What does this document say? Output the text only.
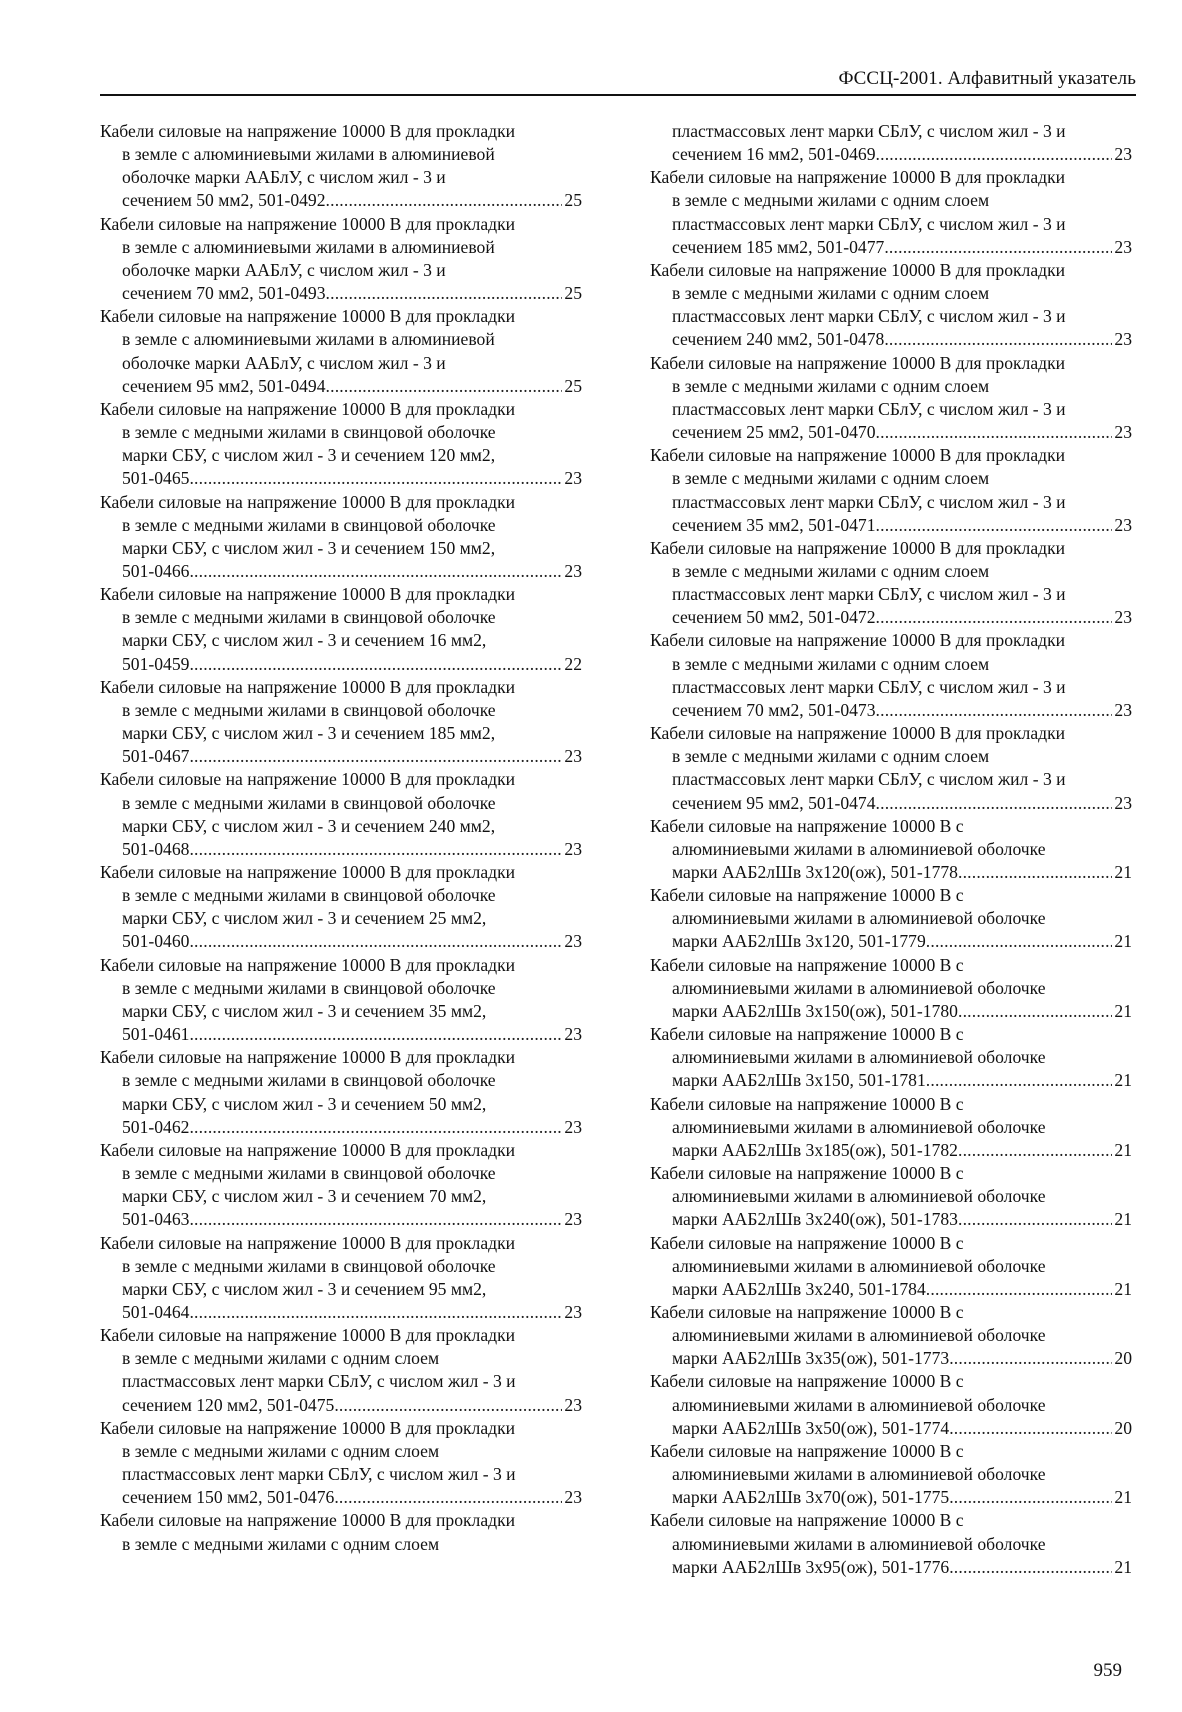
ФССЦ-2001. Алфавитный указатель
Кабели силовые на напряжение 10000 В для прокладки
в земле с алюминиевыми жилами в алюминиевой
оболочке марки ААБлУ, с числом жил - 3 и
сечением 50 мм2, 501-0492 .....	25
Кабели силовые на напряжение 10000 В для прокладки
в земле с алюминиевыми жилами в алюминиевой
оболочке марки ААБлУ, с числом жил - 3 и
сечением 70 мм2, 501-0493 .....	25
Кабели силовые на напряжение 10000 В для прокладки
в земле с алюминиевыми жилами в алюминиевой
оболочке марки ААБлУ, с числом жил - 3 и
сечением 95 мм2, 501-0494 .....	25
Кабели силовые на напряжение 10000 В для прокладки
в земле с медными жилами в свинцовой оболочке
марки СБУ, с числом жил - 3 и сечением 120 мм2,
501-0465 .....	23
Кабели силовые на напряжение 10000 В для прокладки
в земле с медными жилами в свинцовой оболочке
марки СБУ, с числом жил - 3 и сечением 150 мм2,
501-0466 .....	23
Кабели силовые на напряжение 10000 В для прокладки
в земле с медными жилами в свинцовой оболочке
марки СБУ, с числом жил - 3 и сечением 16 мм2,
501-0459 .....	22
Кабели силовые на напряжение 10000 В для прокладки
в земле с медными жилами в свинцовой оболочке
марки СБУ, с числом жил - 3 и сечением 185 мм2,
501-0467 .....	23
Кабели силовые на напряжение 10000 В для прокладки
в земле с медными жилами в свинцовой оболочке
марки СБУ, с числом жил - 3 и сечением 240 мм2,
501-0468 .....	23
Кабели силовые на напряжение 10000 В для прокладки
в земле с медными жилами в свинцовой оболочке
марки СБУ, с числом жил - 3 и сечением 25 мм2,
501-0460 .....	23
Кабели силовые на напряжение 10000 В для прокладки
в земле с медными жилами в свинцовой оболочке
марки СБУ, с числом жил - 3 и сечением 35 мм2,
501-0461 .....	23
Кабели силовые на напряжение 10000 В для прокладки
в земле с медными жилами в свинцовой оболочке
марки СБУ, с числом жил - 3 и сечением 50 мм2,
501-0462 .....	23
Кабели силовые на напряжение 10000 В для прокладки
в земле с медными жилами в свинцовой оболочке
марки СБУ, с числом жил - 3 и сечением 70 мм2,
501-0463 .....	23
Кабели силовые на напряжение 10000 В для прокладки
в земле с медными жилами в свинцовой оболочке
марки СБУ, с числом жил - 3 и сечением 95 мм2,
501-0464 .....	23
Кабели силовые на напряжение 10000 В для прокладки
в земле с медными жилами с одним слоем
пластмассовых лент марки СБлУ, с числом жил - 3 и
сечением 120 мм2, 501-0475 .....	23
Кабели силовые на напряжение 10000 В для прокладки
в земле с медными жилами с одним слоем
пластмассовых лент марки СБлУ, с числом жил - 3 и
сечением 150 мм2, 501-0476 .....	23
Кабели силовые на напряжение 10000 В для прокладки
в земле с медными жилами с одним слоем
пластмассовых лент марки СБлУ, с числом жил - 3 и
сечением 16 мм2, 501-0469 .....	23
Кабели силовые на напряжение 10000 В для прокладки
в земле с медными жилами с одним слоем
пластмассовых лент марки СБлУ, с числом жил - 3 и
сечением 185 мм2, 501-0477 .....	23
Кабели силовые на напряжение 10000 В для прокладки
в земле с медными жилами с одним слоем
пластмассовых лент марки СБлУ, с числом жил - 3 и
сечением 240 мм2, 501-0478 .....	23
Кабели силовые на напряжение 10000 В для прокладки
в земле с медными жилами с одним слоем
пластмассовых лент марки СБлУ, с числом жил - 3 и
сечением 25 мм2, 501-0470 .....	23
Кабели силовые на напряжение 10000 В для прокладки
в земле с медными жилами с одним слоем
пластмассовых лент марки СБлУ, с числом жил - 3 и
сечением 35 мм2, 501-0471 .....	23
Кабели силовые на напряжение 10000 В для прокладки
в земле с медными жилами с одним слоем
пластмассовых лент марки СБлУ, с числом жил - 3 и
сечением 50 мм2, 501-0472 .....	23
Кабели силовые на напряжение 10000 В для прокладки
в земле с медными жилами с одним слоем
пластмассовых лент марки СБлУ, с числом жил - 3 и
сечением 70 мм2, 501-0473 .....	23
Кабели силовые на напряжение 10000 В для прокладки
в земле с медными жилами с одним слоем
пластмассовых лент марки СБлУ, с числом жил - 3 и
сечением 95 мм2, 501-0474 .....	23
Кабели силовые на напряжение 10000 В с
алюминиевыми жилами в алюминиевой оболочке
марки ААБ2лШв 3х120(ож), 501-1778 .....	21
Кабели силовые на напряжение 10000 В с
алюминиевыми жилами в алюминиевой оболочке
марки ААБ2лШв 3х120, 501-1779 .....	21
Кабели силовые на напряжение 10000 В с
алюминиевыми жилами в алюминиевой оболочке
марки ААБ2лШв 3х150(ож), 501-1780 .....	21
Кабели силовые на напряжение 10000 В с
алюминиевыми жилами в алюминиевой оболочке
марки ААБ2лШв 3х150, 501-1781 .....	21
Кабели силовые на напряжение 10000 В с
алюминиевыми жилами в алюминиевой оболочке
марки ААБ2лШв 3х185(ож), 501-1782 .....	21
Кабели силовые на напряжение 10000 В с
алюминиевыми жилами в алюминиевой оболочке
марки ААБ2лШв 3х240(ож), 501-1783 .....	21
Кабели силовые на напряжение 10000 В с
алюминиевыми жилами в алюминиевой оболочке
марки ААБ2лШв 3х240, 501-1784 .....	21
Кабели силовые на напряжение 10000 В с
алюминиевыми жилами в алюминиевой оболочке
марки ААБ2лШв 3х35(ож), 501-1773 .....	20
Кабели силовые на напряжение 10000 В с
алюминиевыми жилами в алюминиевой оболочке
марки ААБ2лШв 3х50(ож), 501-1774 .....	20
Кабели силовые на напряжение 10000 В с
алюминиевыми жилами в алюминиевой оболочке
марки ААБ2лШв 3х70(ож), 501-1775 .....	21
Кабели силовые на напряжение 10000 В с
алюминиевыми жилами в алюминиевой оболочке
марки ААБ2лШв 3х95(ож), 501-1776 .....	21
959
